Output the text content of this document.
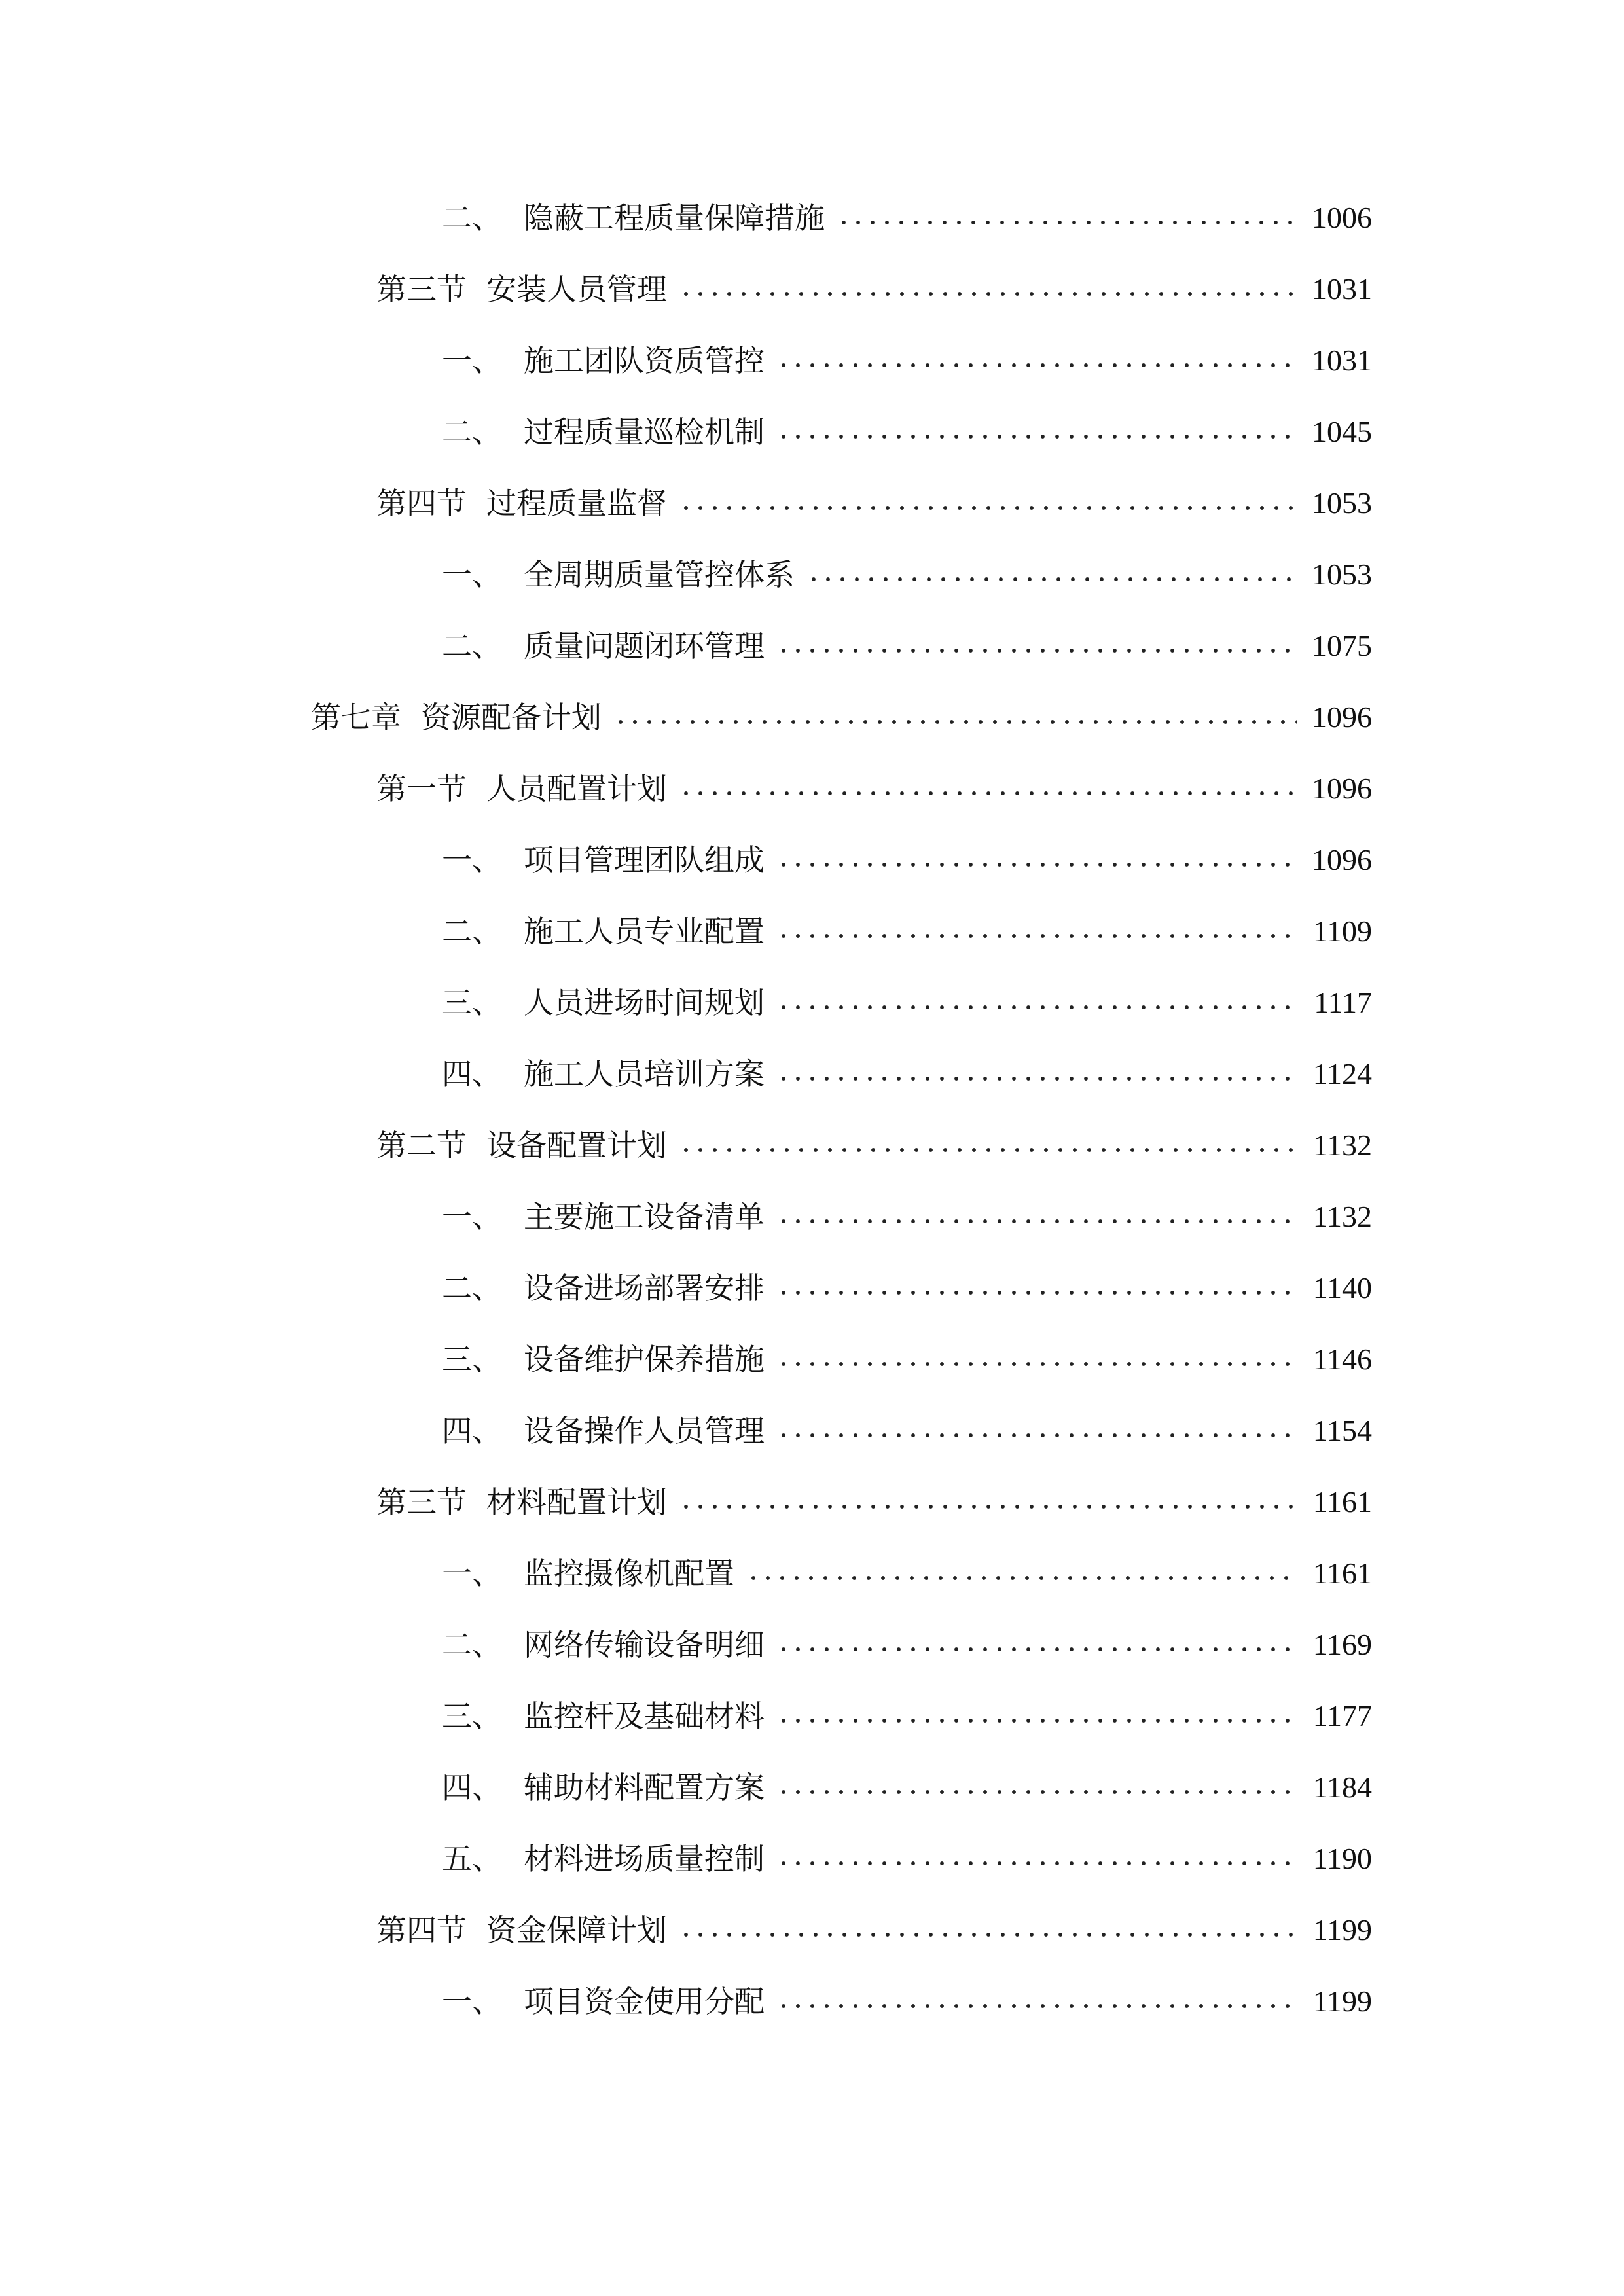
二、 隐蔽工程质量保障措施	1006
第三节 安装人员管理	1031
一、 施工团队资质管控	1031
二、 过程质量巡检机制	1045
第四节 过程质量监督	1053
一、 全周期质量管控体系	1053
二、 质量问题闭环管理	1075
第七章 资源配备计划	1096
第一节 人员配置计划	1096
一、 项目管理团队组成	1096
二、 施工人员专业配置	1109
三、 人员进场时间规划	1117
四、 施工人员培训方案	1124
第二节 设备配置计划	1132
一、 主要施工设备清单	1132
二、 设备进场部署安排	1140
三、 设备维护保养措施	1146
四、 设备操作人员管理	1154
第三节 材料配置计划	1161
一、 监控摄像机配置	1161
二、 网络传输设备明细	1169
三、 监控杆及基础材料	1177
四、 辅助材料配置方案	1184
五、 材料进场质量控制	1190
第四节 资金保障计划	1199
一、 项目资金使用分配	1199
